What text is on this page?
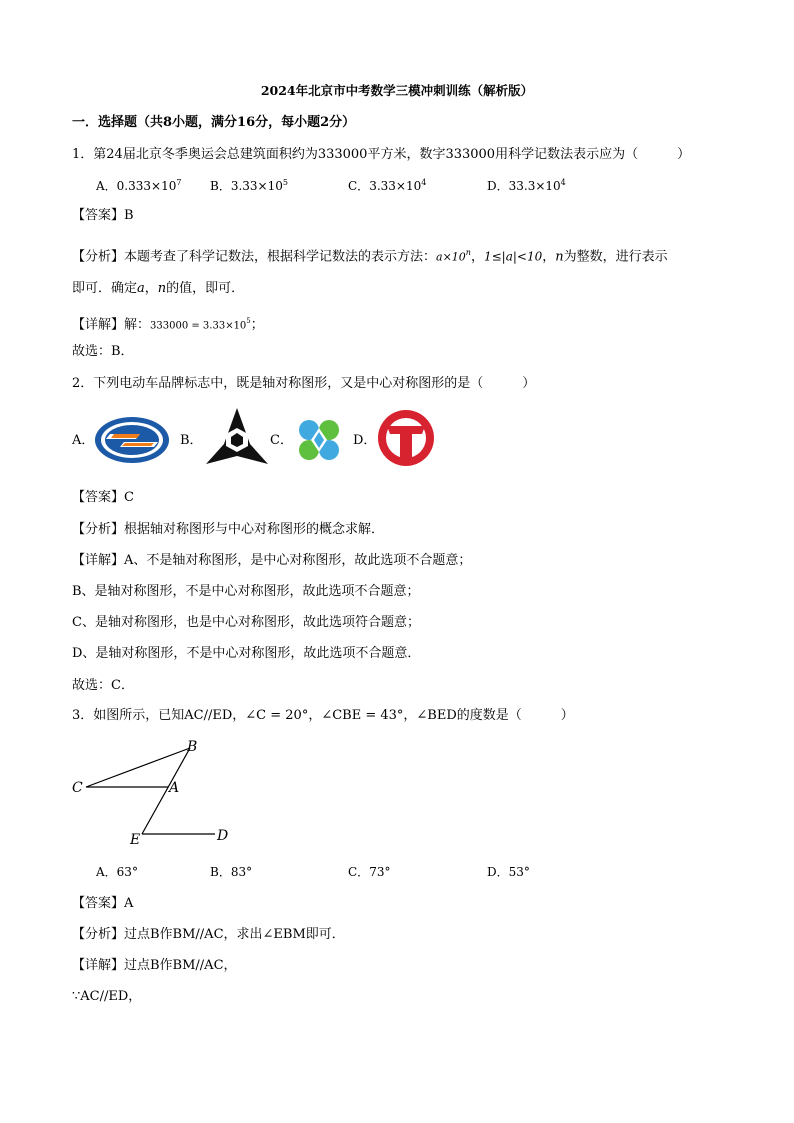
2024年北京市中考数学三模冲刺训练（解析版）
一．选择题（共8小题，满分16分，每小题2分）
1．第24届北京冬季奥运会总建筑面积约为333000平方米，数字333000用科学记数法表示应为（　　　）
A．$0.333\times 10^7$ B．$3.33\times 10^5$	C．$3.33\times 10^4$	D．$33.3\times 10^4$
【答案】B
【分析】本题考查了科学记数法，根据科学记数法的表示方法：$a\times 10^n$，1≤|a|<10，n为整数，进行表示
即可．确定a，n的值，即可．
【详解】解：$333000 = 3.33\times 10^5$；
故选：B．
2．下列电动车品牌标志中，既是轴对称图形，又是中心对称图形的是（　　　）
A．	B．	C．	D．
【答案】C
【分析】根据轴对称图形与中心对称图形的概念求解．
【详解】A、不是轴对称图形，是中心对称图形，故此选项不合题意；
B、是轴对称图形，不是中心对称图形，故此选项不合题意；
C、是轴对称图形，也是中心对称图形，故此选项符合题意；
D、是轴对称图形，不是中心对称图形，故此选项不合题意．
故选：C．
3．如图所示，已知AC//ED，∠C = 20°，∠CBE = 43°，∠BED的度数是（　　　）
B
C	A
E	D
A．63°	B．83°	C．73°	D．53°
【答案】A
【分析】过点B作BM//AC，求出∠EBM即可．
【详解】过点B作BM//AC，
∵AC//ED，
